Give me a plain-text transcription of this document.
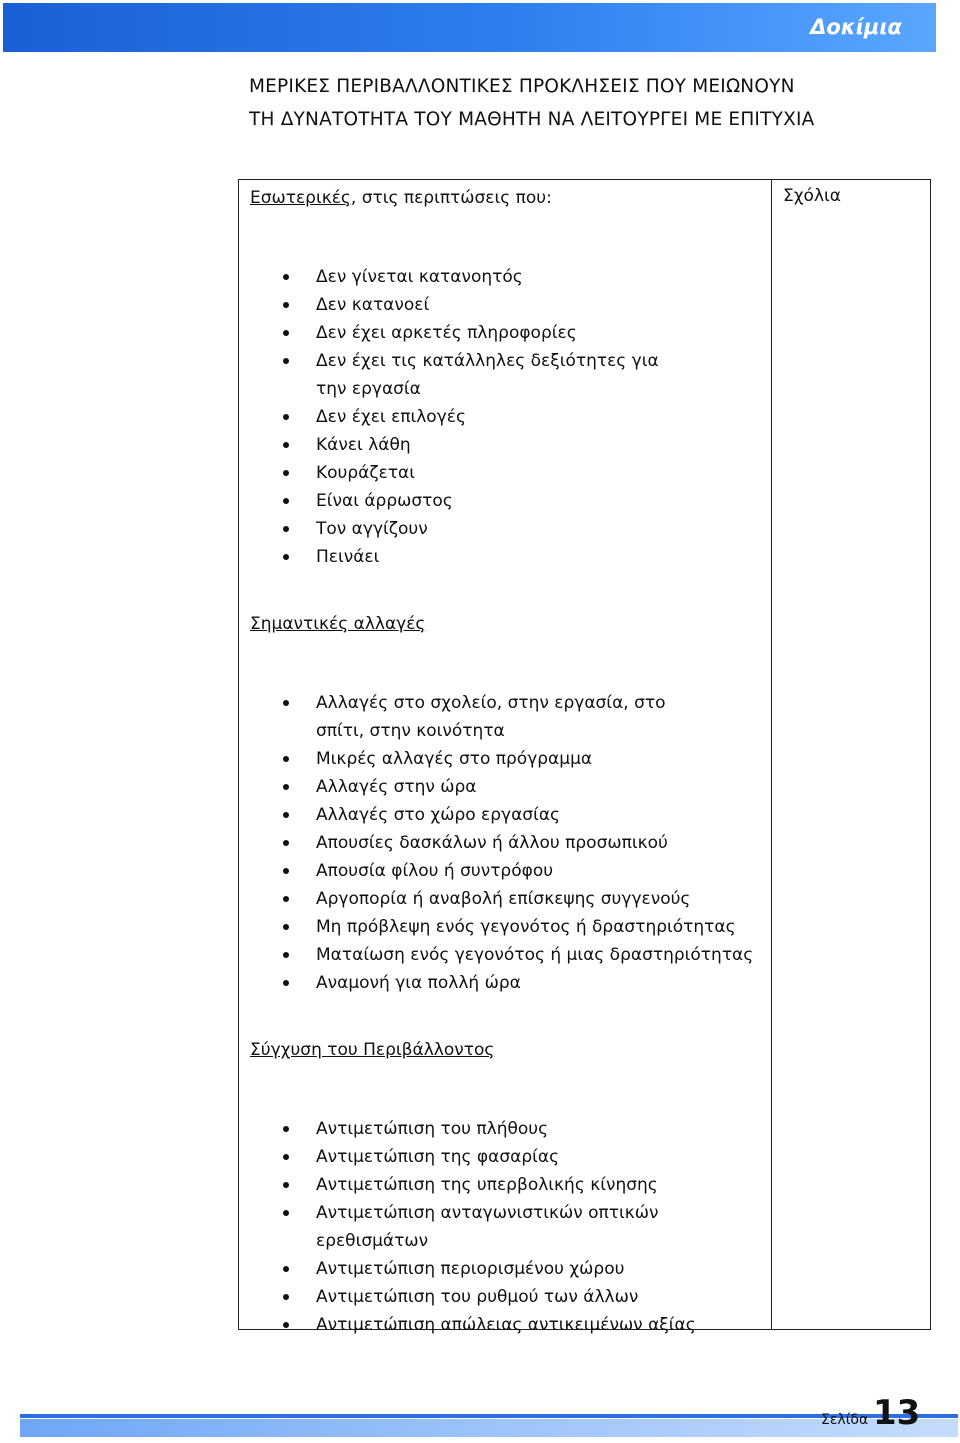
Δοκίμια
ΜΕΡΙΚΕΣ ΠΕΡΙΒΑΛΛΟΝΤΙΚΕΣ ΠΡΟΚΛΗΣΕΙΣ ΠΟΥ ΜΕΙΩΝΟΥΝ
ΤΗ ΔΥΝΑΤΟΤΗΤΑ ΤΟΥ ΜΑΘΗΤΗ ΝΑ ΛΕΙΤΟΥΡΓΕΙ ΜΕ ΕΠΙΤΥΧΙΑ
Σχόλια
Εσωτερικές, στις περιπτώσεις που:
Δεν γίνεται κατανοητός
Δεν κατανοεί
Δεν έχει αρκετές πληροφορίες
Δεν έχει τις κατάλληλες δεξιότητες για την εργασία
Δεν έχει επιλογές
Κάνει λάθη
Κουράζεται
Είναι άρρωστος
Τον αγγίζουν
Πεινάει
Σημαντικές αλλαγές
Αλλαγές στο σχολείο, στην εργασία, στο σπίτι, στην κοινότητα
Μικρές αλλαγές στο πρόγραμμα
Αλλαγές στην ώρα
Αλλαγές στο χώρο εργασίας
Απουσίες δασκάλων ή άλλου προσωπικού
Απουσία φίλου ή συντρόφου
Αργοπορία ή αναβολή επίσκεψης συγγενούς
Μη πρόβλεψη ενός γεγονότος ή δραστηριότητας
Ματαίωση ενός γεγονότος ή μιας δραστηριότητας
Αναμονή για πολλή ώρα
Σύγχυση του Περιβάλλοντος
Αντιμετώπιση του πλήθους
Αντιμετώπιση της φασαρίας
Αντιμετώπιση της υπερβολικής κίνησης
Αντιμετώπιση ανταγωνιστικών οπτικών ερεθισμάτων
Αντιμετώπιση περιορισμένου χώρου
Αντιμετώπιση του ρυθμού των άλλων
Αντιμετώπιση απώλειας αντικειμένων αξίας
Σελίδα 13
